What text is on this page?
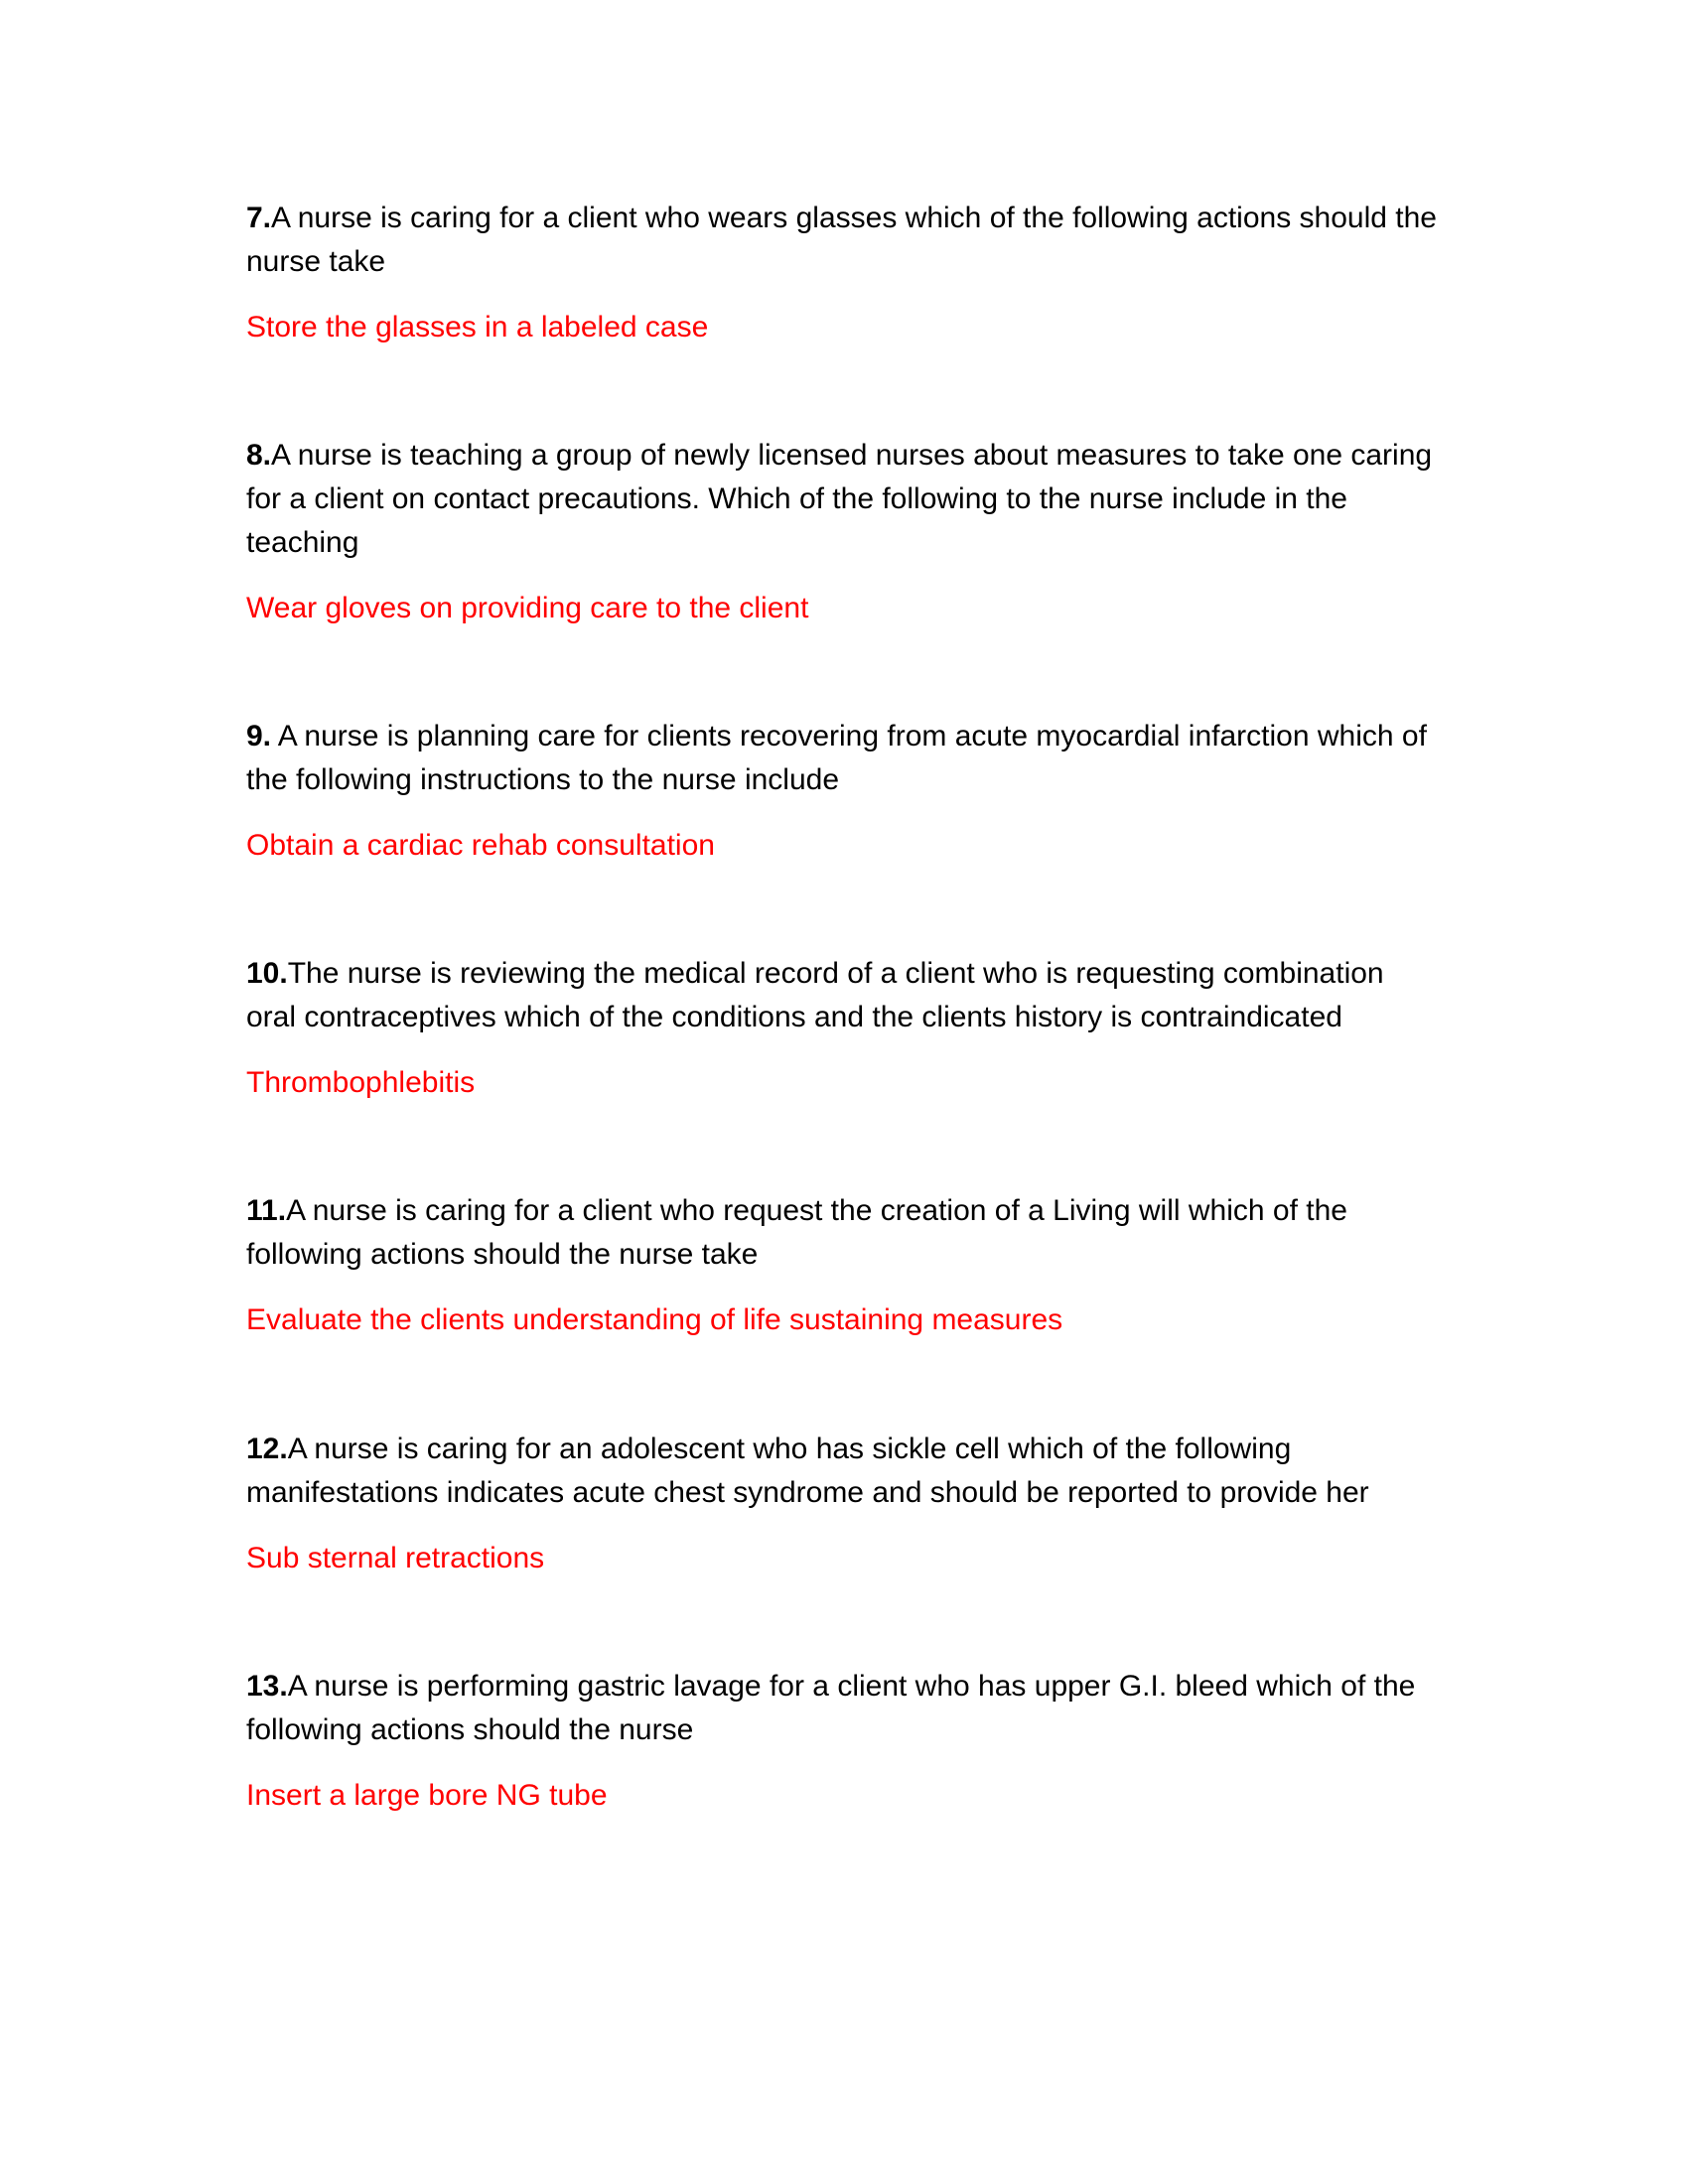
7.A nurse is caring for a client who wears glasses which of the following actions should the nurse take

Store the glasses in a labeled case

8.A nurse is teaching a group of newly licensed nurses about measures to take one caring for a client on contact precautions. Which of the following to the nurse include in the teaching

Wear gloves on providing care to the client

9. A nurse is planning care for clients recovering from acute myocardial infarction which of the following instructions to the nurse include

Obtain a cardiac rehab consultation

10.The nurse is reviewing the medical record of a client who is requesting combination oral contraceptives which of the conditions and the clients history is contraindicated

Thrombophlebitis

11.A nurse is caring for a client who request the creation of a Living will which of the following actions should the nurse take

Evaluate the clients understanding of life sustaining measures

12.A nurse is caring for an adolescent who has sickle cell which of the following manifestations indicates acute chest syndrome and should be reported to provide her

Sub sternal retractions

13.A nurse is performing gastric lavage for a client who has upper G.I. bleed which of the following actions should the nurse

Insert a large bore NG tube
